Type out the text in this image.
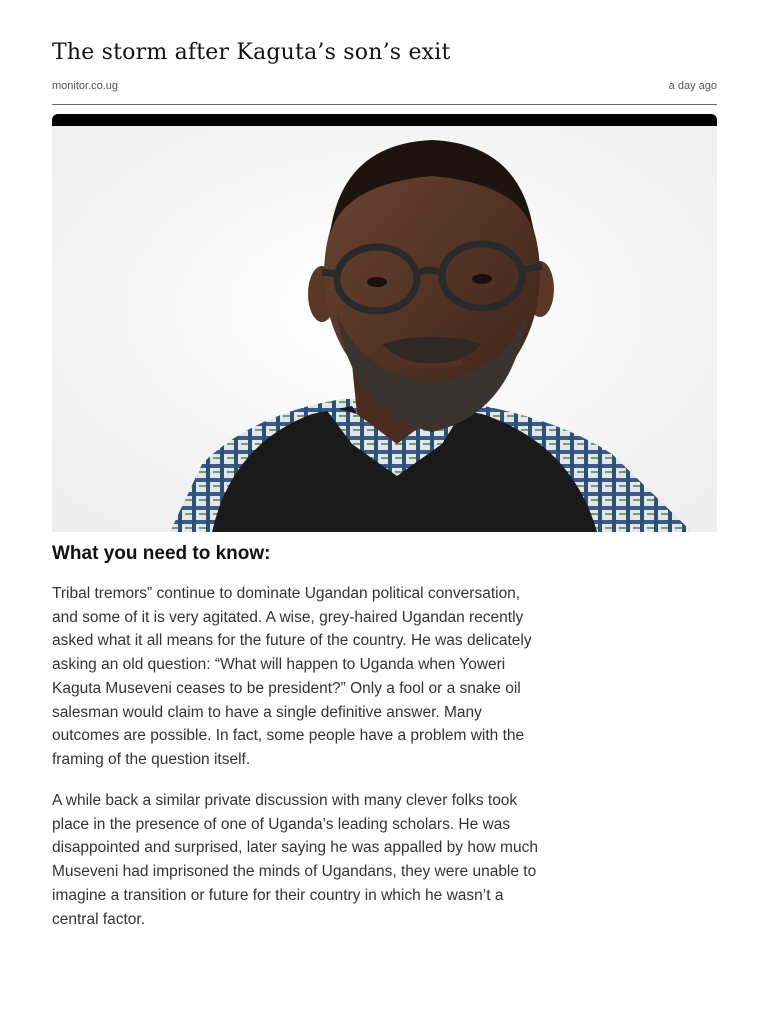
The storm after Kaguta’s son’s exit
monitor.co.ug	a day ago
What you need to know:

Tribal tremors” continue to dominate Ugandan political conversation, and some of it is very agitated. A wise, grey-haired Ugandan recently asked what it all means for the future of the country. He was delicately asking an old question: “What will happen to Uganda when Yoweri Kaguta Museveni ceases to be president?” Only a fool or a snake oil salesman would claim to have a single definitive answer. Many outcomes are possible. In fact, some people have a problem with the framing of the question itself.

A while back a similar private discussion with many clever folks took place in the presence of one of Uganda’s leading scholars. He was disappointed and surprised, later saying he was appalled by how much Museveni had imprisoned the minds of Ugandans, they were unable to imagine a transition or future for their country in which he wasn’t a central factor.
